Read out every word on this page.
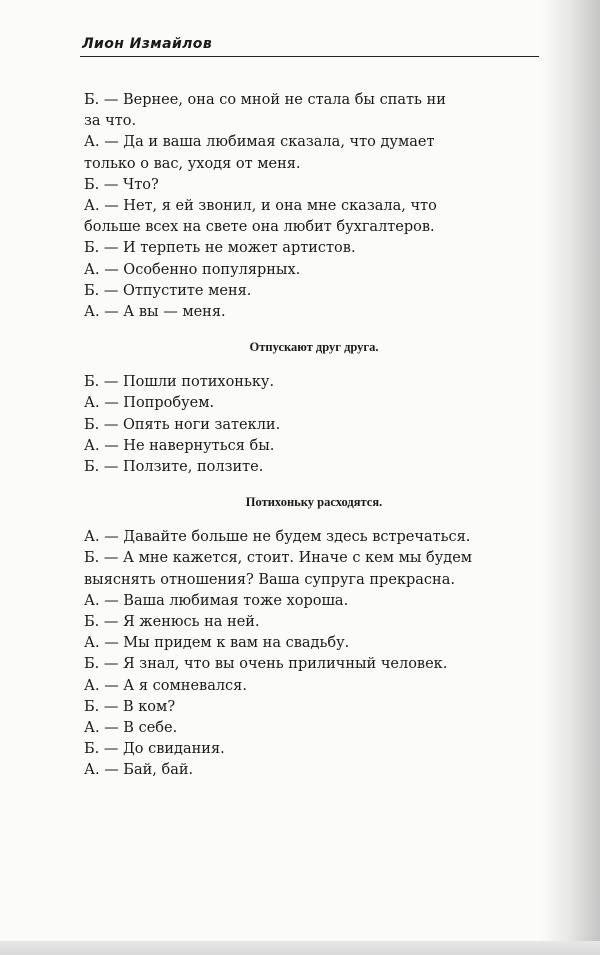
Лион Измайлов
Б. — Вернее, она со мной не стала бы спать ни
за что.
А. — Да и ваша любимая сказала, что думает
только о вас, уходя от меня.
Б. — Что?
А. — Нет, я ей звонил, и она мне сказала, что
больше всех на свете она любит бухгалтеров.
Б. — И терпеть не может артистов.
А. — Особенно популярных.
Б. — Отпустите меня.
А. — А вы — меня.
Отпускают друг друга.
Б. — Пошли потихоньку.
А. — Попробуем.
Б. — Опять ноги затекли.
А. — Не навернуться бы.
Б. — Ползите, ползите.
Потихоньку расходятся.
А. — Давайте больше не будем здесь встречаться.
Б. — А мне кажется, стоит. Иначе с кем мы будем
выяснять отношения? Ваша супруга прекрасна.
А. — Ваша любимая тоже хороша.
Б. — Я женюсь на ней.
А. — Мы придем к вам на свадьбу.
Б. — Я знал, что вы очень приличный человек.
А. — А я сомневался.
Б. — В ком?
А. — В себе.
Б. — До свидания.
А. — Бай, бай.
